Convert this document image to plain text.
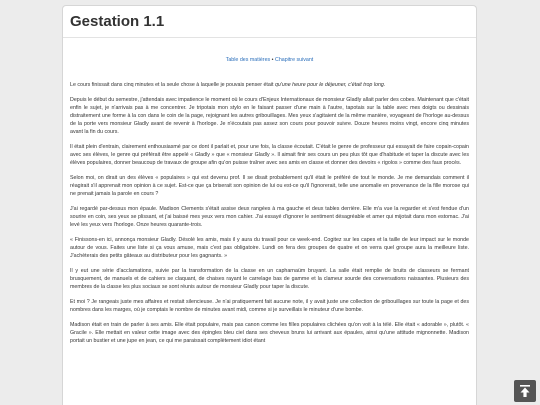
Gestation 1.1
Table des matières • Chapitre suivant

Le cours finissait dans cinq minutes et la seule chose à laquelle je pouvais penser était qu'une heure pour le déjeuner, c'était trop long.

Depuis le début du semestre, j'attendais avec impatience le moment où le cours d'Enjeux Internationaux de monsieur Gladly allait parler des cobes. Maintenant que c'était enfin le sujet, je n'arrivais pas à me concentrer. Je tripotais mon stylo en le faisant passer d'une main à l'autre, tapotais sur la table avec mes doigts ou dessinais distraitement une forme à la con dans le coin de la page, rejoignant les autres gribouillages. Mes yeux s'agitaient de la même manière, voyageant de l'horloge au-dessus de la porte vers monsieur Gladly avant de revenir à l'horloge. Je n'écoutais pas assez son cours pour pouvoir suivre. Douze heures moins vingt, encore cinq minutes avant la fin du cours.

Il était plein d'entrain, clairement enthousiasmé par ce dont il parlait et, pour une fois, la classe écoutait. C'était le genre de professeur qui essayait de faire copain-copain avec ses élèves, le genre qui préférait être appelé « Gladly » que « monsieur Gladly ». Il aimait finir ses cours un peu plus tôt que d'habitude et taper la discute avec les élèves populaires, donner beaucoup de travaux de groupe afin qu'on puisse traîner avec ses amis en classe et donner des devoirs « rigolos » comme des faux procès.

Selon moi, on dirait un des élèves « populaires » qui est devenu prof. Il se disait probablement qu'il était le préféré de tout le monde. Je me demandais comment il réagirait s'il apprenait mon opinion à ce sujet. Est-ce que ça briserait son opinion de lui ou est-ce qu'il l'ignorerait, telle une anomalie en provenance de la fille morose qui ne prenait jamais la parole en cours ?

J'ai regardé par-dessus mon épaule. Madison Clements s'était assise deux rangées à ma gauche et deux tables derrière. Elle m'a vue la regarder et s'est fendue d'un sourire en coin, ses yeux se plissant, et j'ai baissé mes yeux vers mon cahier. J'ai essayé d'ignorer le sentiment désagréable et amer qui mijotait dans mon estomac. J'ai levé les yeux vers l'horloge. Onze heures quarante-trois.

« Finissons-en ici, annonça monsieur Gladly. Désolé les amis, mais il y aura du travail pour ce week-end. Cogitez sur les capes et la taille de leur impact sur le monde autour de vous. Faites une liste si ça vous amuse, mais c'est pas obligatoire. Lundi on fera des groupes de quatre et on verra quel groupe aura la meilleure liste. J'achèterais des petits gâteaux au distributeur pour les gagnants. »

Il y eut une série d'acclamations, suivie par la transformation de la classe en un capharnaüm bruyant. La salle était remplie de bruits de classeurs se fermant brusquement, de manuels et de cahiers se claquant, de chaises rayant le carrelage bas de gamme et la clameur sourde des conversations naissantes. Plusieurs des membres de la classe les plus sociaux se sont réunis autour de monsieur Gladly pour taper la discute.

Et moi ? Je rangeais juste mes affaires et restait silencieuse. Je n'ai pratiquement fait aucune note, il y avait juste une collection de gribouillages sur toute la page et des nombres dans les marges, où je comptais le nombre de minutes avant midi, comme si je surveillais le minuteur d'une bombe.

Madison était en train de parler à ses amis. Elle était populaire, mais pas canon comme les filles populaires clichées qu'on voit à la télé. Elle était « adorable », plutôt. « Gracile ». Elle mettait en valeur cette image avec des épingles bleu ciel dans ses cheveux bruns lui arrivant aux épaules, ainsi qu'une attitude mignonnette. Madison portait un bustier et une jupe en jean, ce qui me paraissait complètement idiot étant
